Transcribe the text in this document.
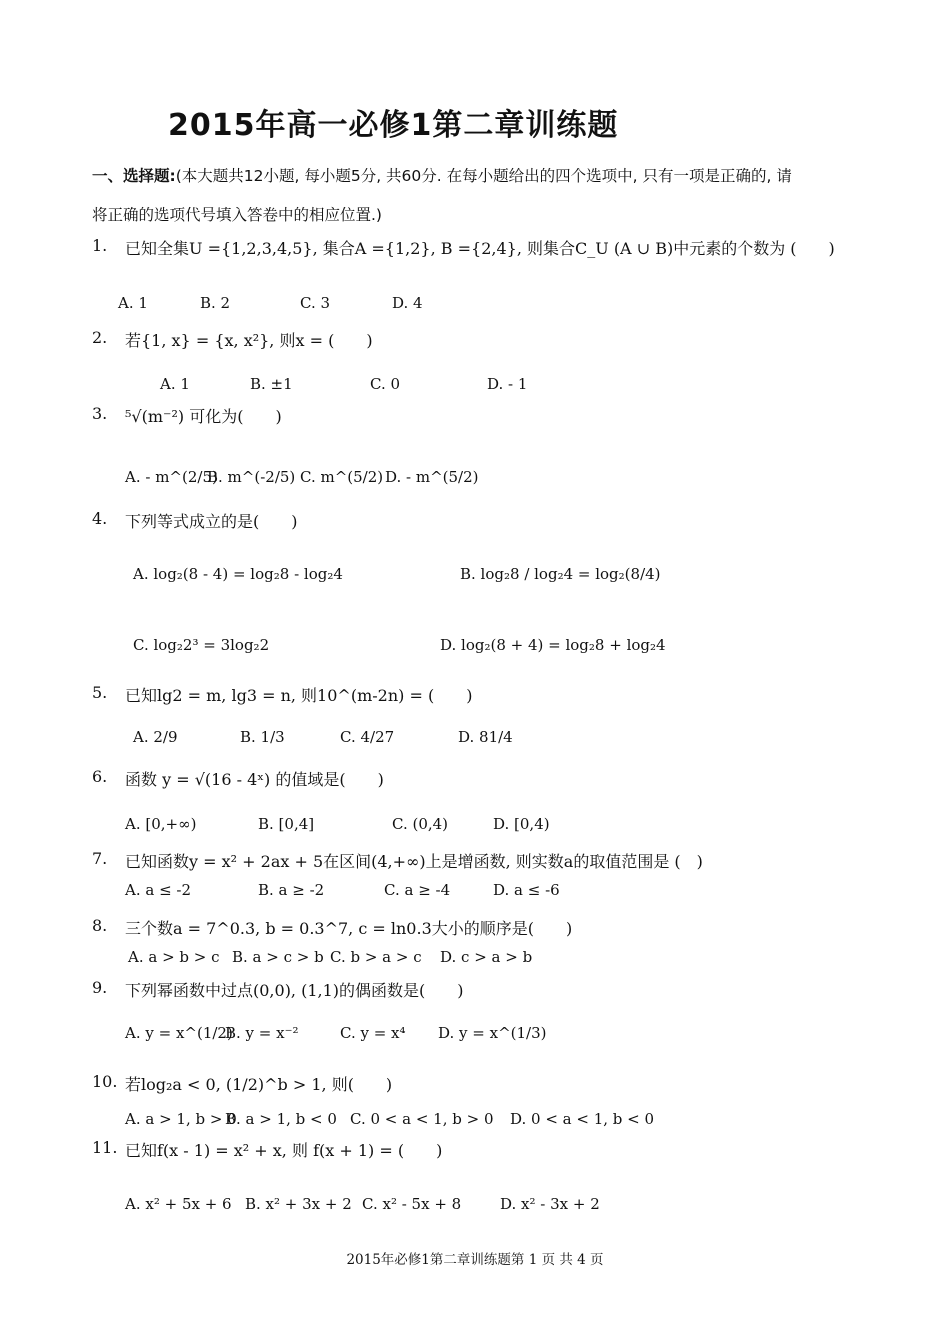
2015年高一必修1第二章训练题
一、选择题:(本大题共12小题, 每小题5分, 共60分. 在每小题给出的四个选项中, 只有一项是正确的, 请
将正确的选项代号填入答卷中的相应位置.)
1. 已知全集U ={1,2,3,4,5}, 集合A ={1,2}, B ={2,4}, 则集合C_U (A ∪ B)中元素的个数为 (　　)
A. 1	B. 2	C. 3	D. 4
2. 若{1, x} = {x, x²}, 则x = (　　)
A. 1	B. ±1	C. 0	D. - 1
3. ⁵√(m⁻²) 可化为(　　)
A. - m^(2/5)
B. m^(-2/5) C. m^(5/2) D. - m^(5/2)
4. 下列等式成立的是(　　)
A. log₂(8 - 4) = log₂8 - log₂4	B. log₂8 / log₂4 = log₂(8/4)
C. log₂2³ = 3log₂2	D. log₂(8 + 4) = log₂8 + log₂4
5. 已知lg2 = m, lg3 = n, 则10^(m-2n) = (　　)
A. 2/9	B. 1/3	C. 4/27	D. 81/4
6. 函数 y = √(16 - 4ˣ) 的值域是(　　)
A. [0,+∞)	B. [0,4]	C. (0,4)	D. [0,4)
7. 已知函数y = x² + 2ax + 5在区间(4,+∞)上是增函数, 则实数a的取值范围是 (　)
A. a ≤ -2	B. a ≥ -2	C. a ≥ -4	D. a ≤ -6
8. 三个数a = 7^0.3, b = 0.3^7, c = ln0.3大小的顺序是(　　)
A. a > b > c B. a > c > b C. b > a > c D. c > a > b
9. 下列幂函数中过点(0,0), (1,1)的偶函数是(　　)
A. y = x^(1/2)
B. y = x⁻²	C. y = x⁴ D. y = x^(1/3)
10. 若log₂a < 0, (1/2)^b > 1, 则(　　)
A. a > 1, b > 0
B. a > 1, b < 0 C. 0 < a < 1, b > 0 D. 0 < a < 1, b < 0
11. 已知f(x - 1) = x² + x, 则 f(x + 1) = (　　)
A. x² + 5x + 6 B. x² + 3x + 2 C. x² - 5x + 8	D. x² - 3x + 2
2015年必修1第二章训练题第 1 页 共 4 页
